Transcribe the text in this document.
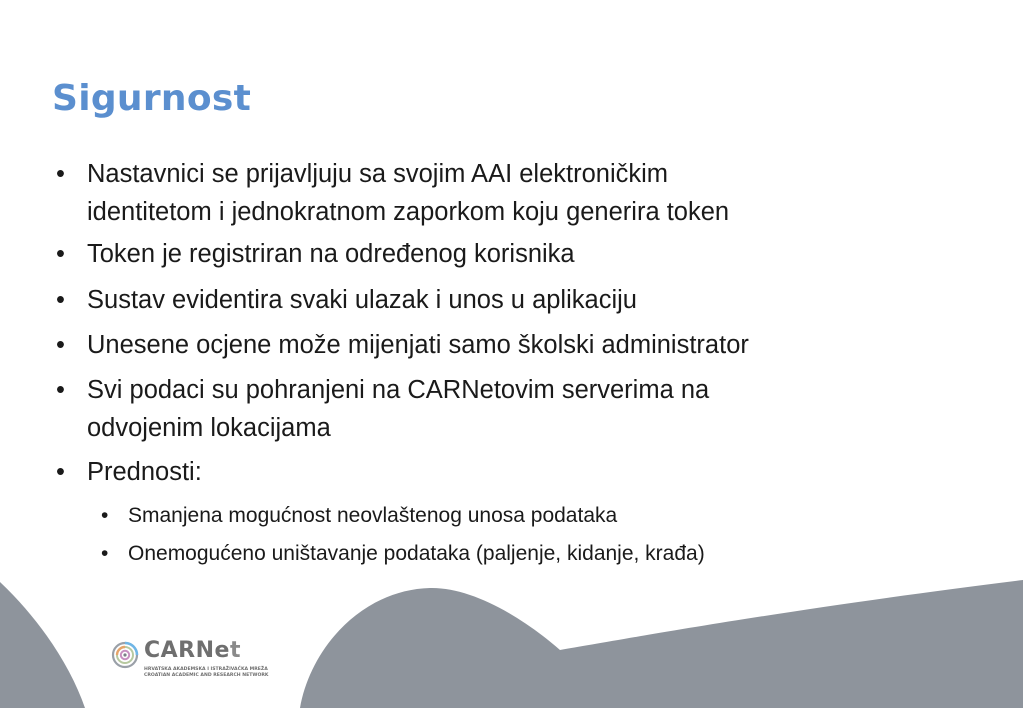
Sigurnost
• Nastavnici se prijavljuju sa svojim AAI elektroničkim
identitetom i jednokratnom zaporkom koju generira token
• Token je registriran na određenog korisnika
• Sustav evidentira svaki ulazak i unos u aplikaciju
• Unesene ocjene može mijenjati samo školski administrator
• Svi podaci su pohranjeni na CARNetovim serverima na
odvojenim lokacijama
• Prednosti:
• Smanjena mogućnost neovlaštenog unosa podataka
• Onemogućeno uništavanje podataka (paljenje, kidanje, krađa)
CARNet
HRVATSKA AKADEMSKA I ISTRAŽIVAČKA MREŽA
CROATIAN ACADEMIC AND RESEARCH NETWORK
